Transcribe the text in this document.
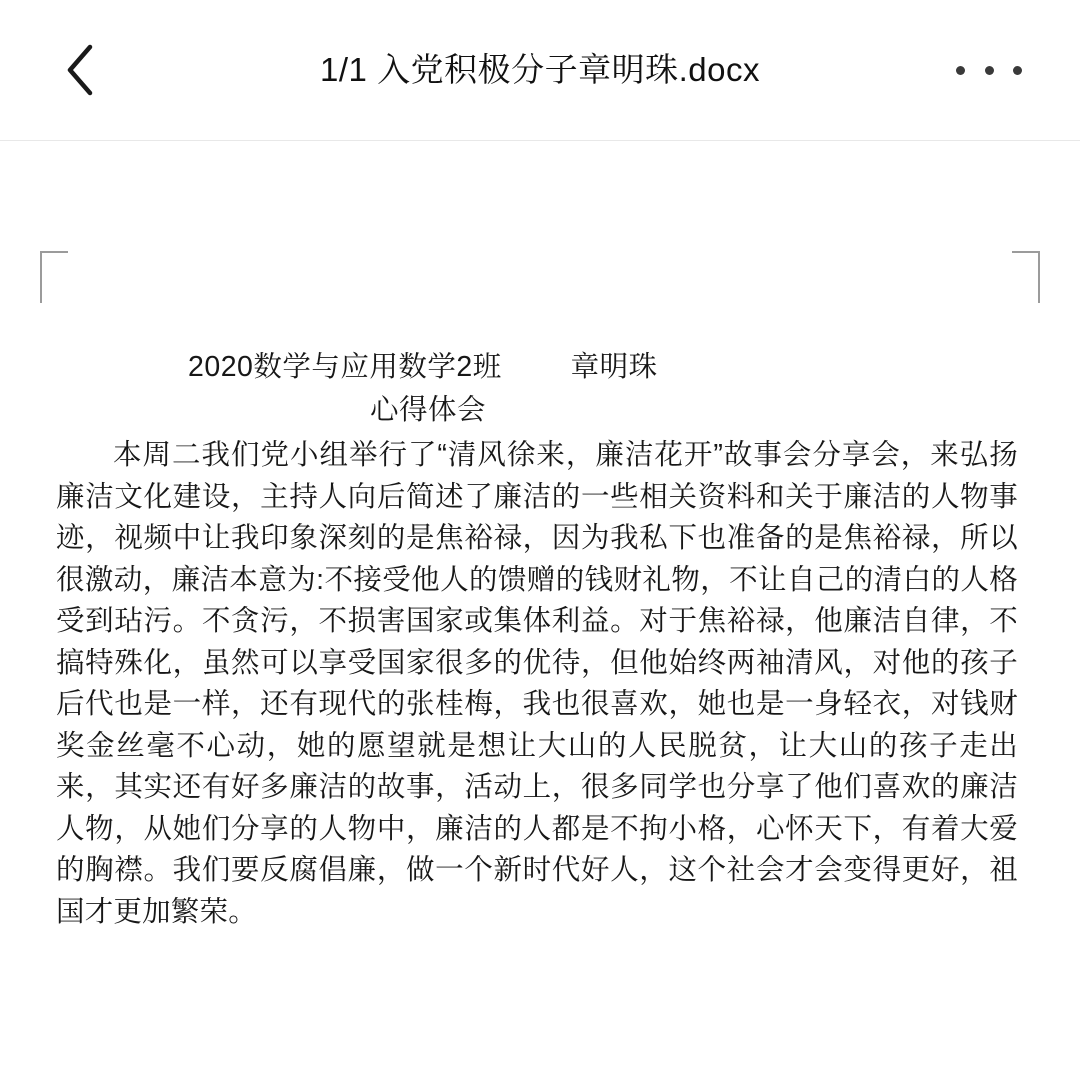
1/1 入党积极分子章明珠.docx
2020数学与应用数学2班 章明珠
心得体会

本周二我们党小组举行了“清风徐来，廉洁花开”故事会分享会，来弘扬廉洁文化建设，主持人向后简述了廉洁的一些相关资料和关于廉洁的人物事迹，视频中让我印象深刻的是焦裕禄，因为我私下也准备的是焦裕禄，所以很激动，廉洁本意为:不接受他人的馈赠的钱财礼物，不让自己的清白的人格受到玷污。不贪污，不损害国家或集体利益。对于焦裕禄，他廉洁自律，不搞特殊化，虽然可以享受国家很多的优待，但他始终两袖清风，对他的孩子后代也是一样，还有现代的张桂梅，我也很喜欢，她也是一身轻衣，对钱财奖金丝毫不心动，她的愿望就是想让大山的人民脱贫，让大山的孩子走出来，其实还有好多廉洁的故事，活动上，很多同学也分享了他们喜欢的廉洁人物，从她们分享的人物中，廉洁的人都是不拘小格，心怀天下，有着大爱的胸襟。我们要反腐倡廉，做一个新时代好人，这个社会才会变得更好，祖国才更加繁荣。
